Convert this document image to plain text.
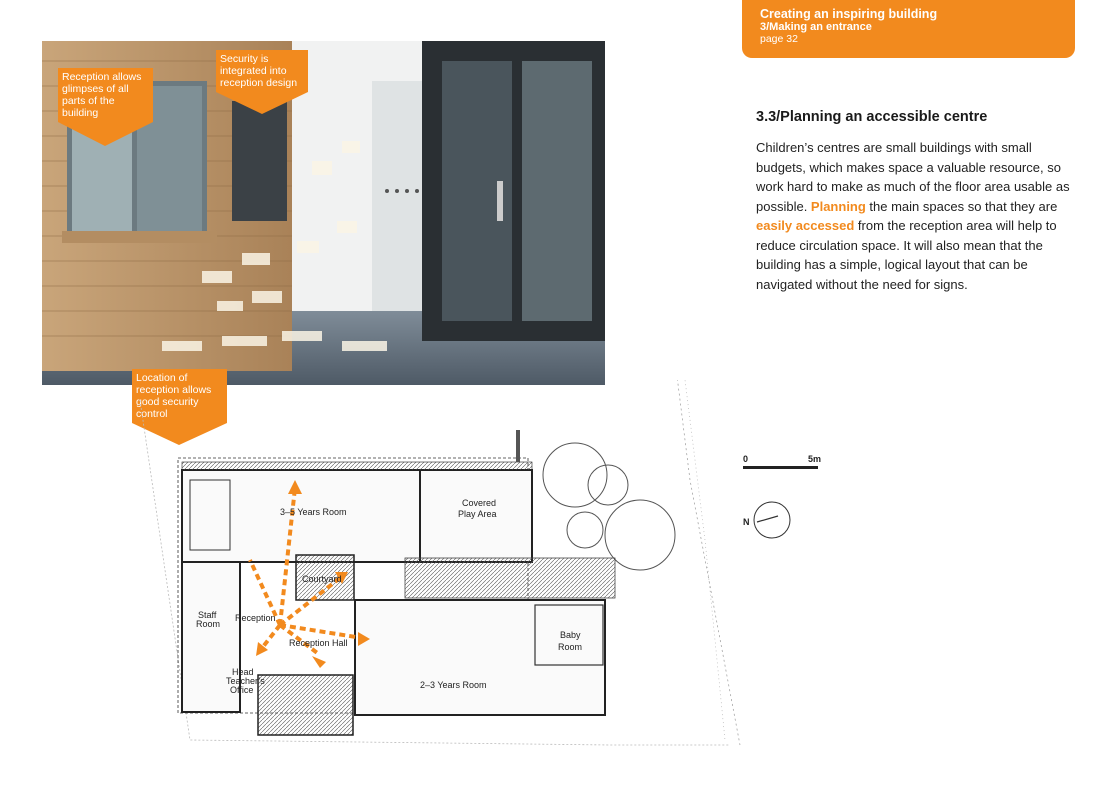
Creating an inspiring building
3/Making an entrance
page 32
3.3/Planning an accessible centre

Children’s centres are small buildings with small budgets, which makes space a valuable resource, so work hard to make as much of the floor area usable as possible. Planning the main spaces so that they are easily accessed from the reception area will help to reduce circulation space. It will also mean that the building has a simple, logical layout that can be navigated without the need for signs.

Reception allows glimpses of all parts of the building
Security is integrated into reception design
Location of reception allows good security control
3–5 Years Room
Covered
Play Area
Courtyard
Staff
Room
Reception
Reception Hall
Baby
Room
Head
Teacher’s
Office	2–3 Years Room
0	5m
N
